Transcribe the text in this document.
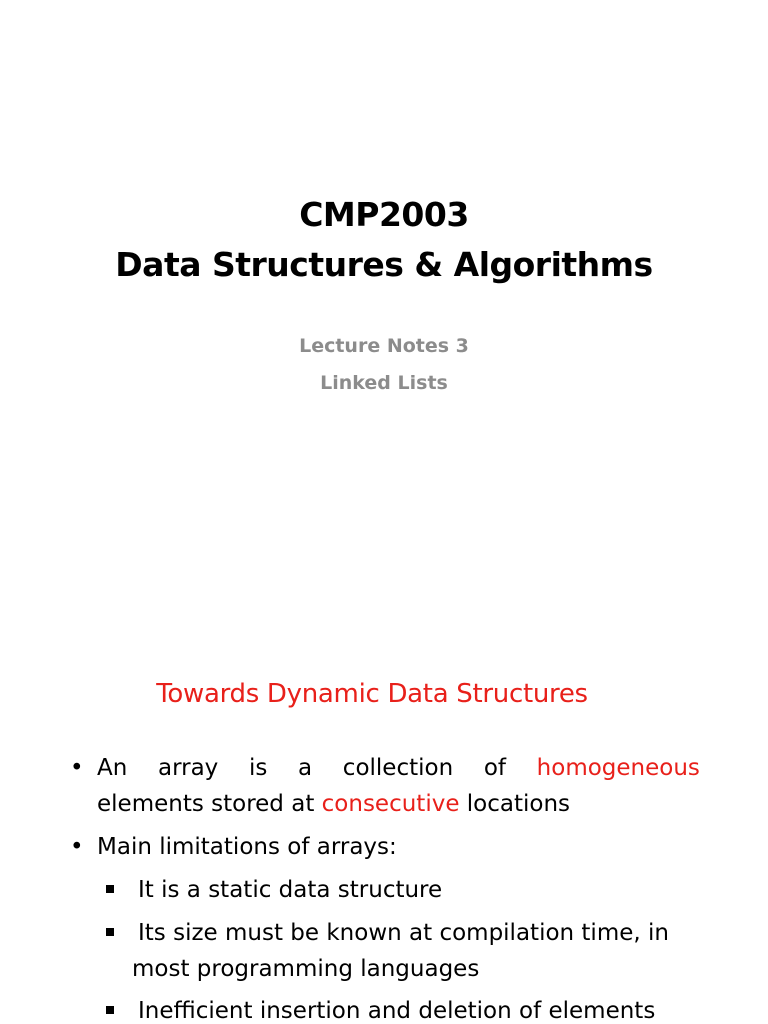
CMP2003
Data Structures & Algorithms
Lecture Notes 3
Linked Lists
Towards Dynamic Data Structures
• An array is a collection of homogeneous
elements stored at consecutive locations
• Main limitations of arrays:
It is a static data structure
Its size must be known at compilation time, in
most programming languages
Inefficient insertion and deletion of elements
